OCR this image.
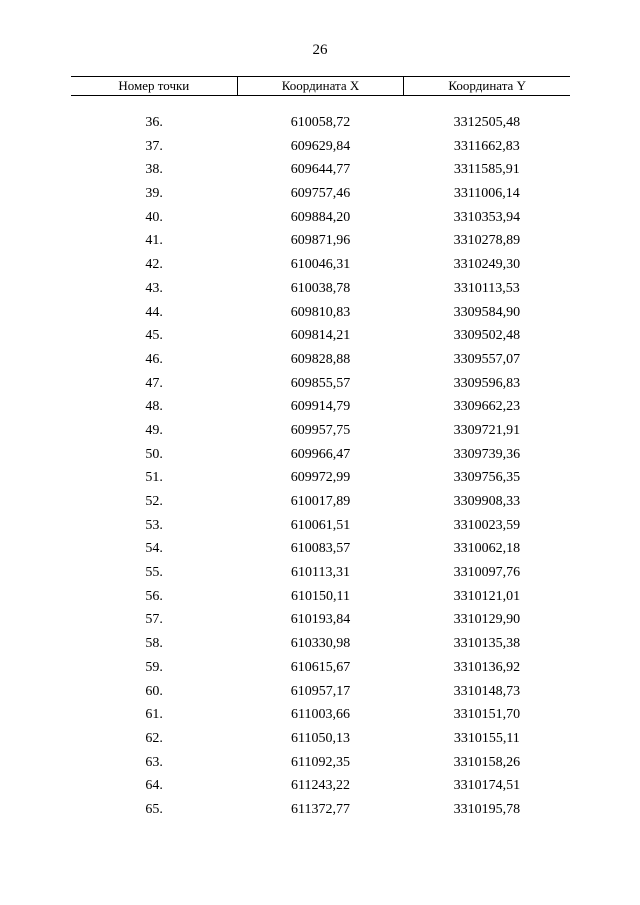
26
Номер точки	Координата X	Координата Y
36.	610058,72	3312505,48
37.	609629,84	3311662,83
38.	609644,77	3311585,91
39.	609757,46	3311006,14
40.	609884,20	3310353,94
41.	609871,96	3310278,89
42.	610046,31	3310249,30
43.	610038,78	3310113,53
44.	609810,83	3309584,90
45.	609814,21	3309502,48
46.	609828,88	3309557,07
47.	609855,57	3309596,83
48.	609914,79	3309662,23
49.	609957,75	3309721,91
50.	609966,47	3309739,36
51.	609972,99	3309756,35
52.	610017,89	3309908,33
53.	610061,51	3310023,59
54.	610083,57	3310062,18
55.	610113,31	3310097,76
56.	610150,11	3310121,01
57.	610193,84	3310129,90
58.	610330,98	3310135,38
59.	610615,67	3310136,92
60.	610957,17	3310148,73
61.	611003,66	3310151,70
62.	611050,13	3310155,11
63.	611092,35	3310158,26
64.	611243,22	3310174,51
65.	611372,77	3310195,78
